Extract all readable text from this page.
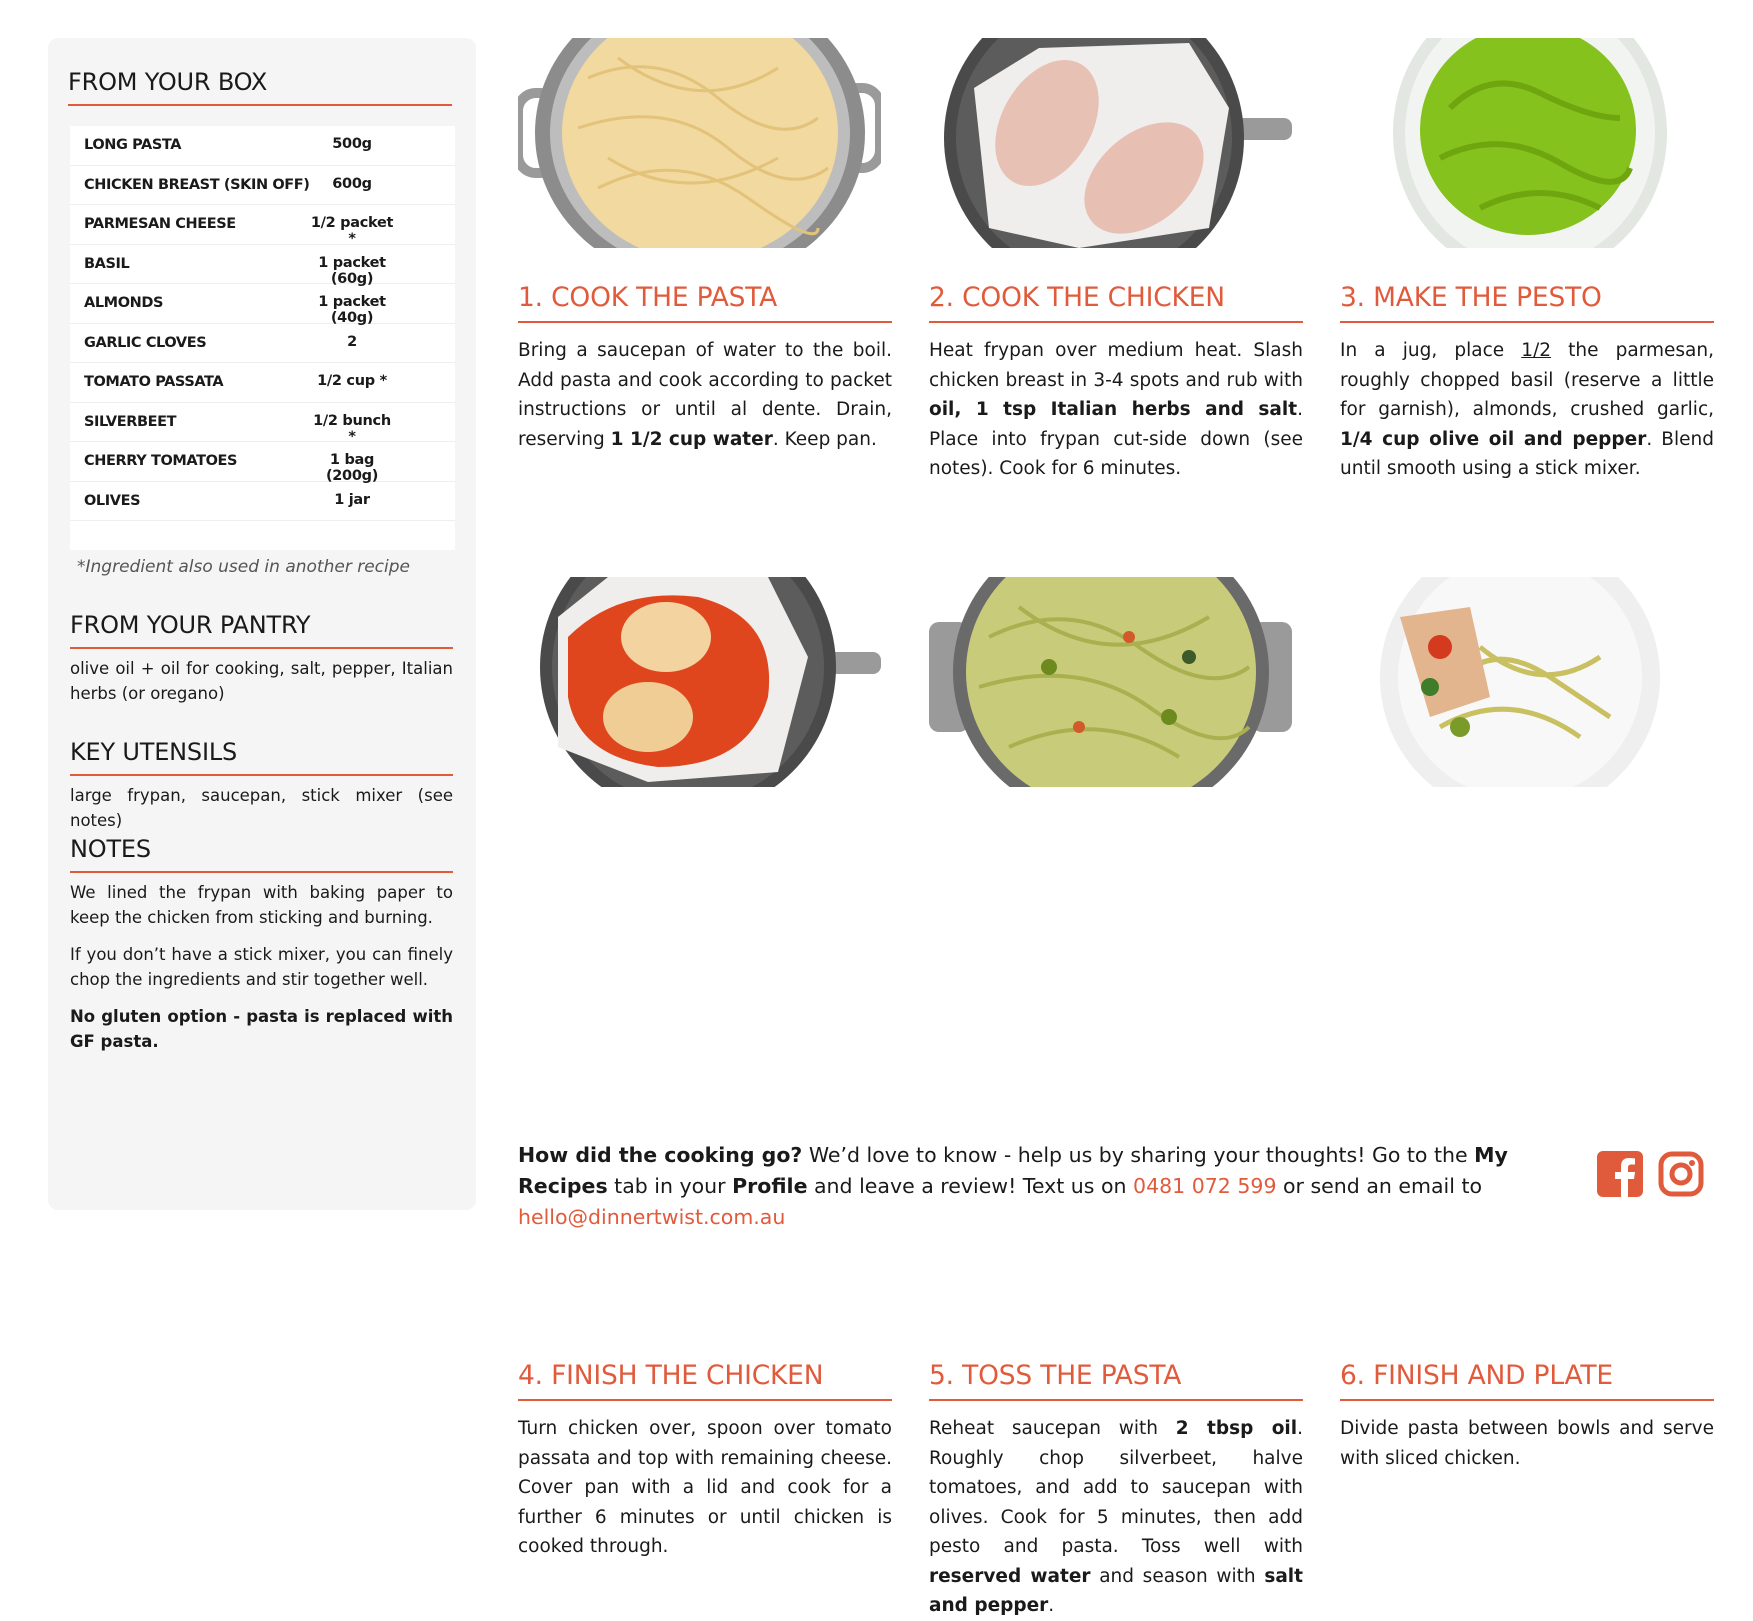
FROM YOUR BOX
LONG PASTA	500g
CHICKEN BREAST (SKIN OFF)	600g
PARMESAN CHEESE	1/2 packet *
BASIL	1 packet (60g)
ALMONDS	1 packet (40g)
GARLIC CLOVES	2
TOMATO PASSATA	1/2 cup *
SILVERBEET	1/2 bunch *
CHERRY TOMATOES	1 bag (200g)
OLIVES	1 jar
*Ingredient also used in another recipe
FROM YOUR PANTRY
olive oil + oil for cooking, salt, pepper, Italian herbs (or oregano)
KEY UTENSILS
large frypan, saucepan, stick mixer (see notes)
NOTES

We lined the frypan with baking paper to keep the chicken from sticking and burning.

If you don’t have a stick mixer, you can finely chop the ingredients and stir together well.

No gluten option - pasta is replaced with GF pasta.

1. COOK THE PASTA
Bring a saucepan of water to the boil. Add pasta and cook according to packet instructions or until al dente. Drain, reserving 1 1/2 cup water. Keep pan.
2. COOK THE CHICKEN
Heat frypan over medium heat. Slash chicken breast in 3-4 spots and rub with oil, 1 tsp Italian herbs and salt. Place into frypan cut-side down (see notes). Cook for 6 minutes.
3. MAKE THE PESTO
In a jug, place 1/2 the parmesan, roughly chopped basil (reserve a little for garnish), almonds, crushed garlic, 1/4 cup olive oil and pepper. Blend until smooth using a stick mixer.
4. FINISH THE CHICKEN
Turn chicken over, spoon over tomato passata and top with remaining cheese. Cover pan with a lid and cook for a further 6 minutes or until chicken is cooked through.
5. TOSS THE PASTA
Reheat saucepan with 2 tbsp oil. Roughly chop silverbeet, halve tomatoes, and add to saucepan with olives. Cook for 5 minutes, then add pesto and pasta. Toss well with reserved water and season with salt and pepper.
6. FINISH AND PLATE
Divide pasta between bowls and serve with sliced chicken.
How did the cooking go? We’d love to know - help us by sharing your thoughts! Go to the My Recipes tab in your Profile and leave a review! Text us on 0481 072 599 or send an email to hello@dinnertwist.com.au
